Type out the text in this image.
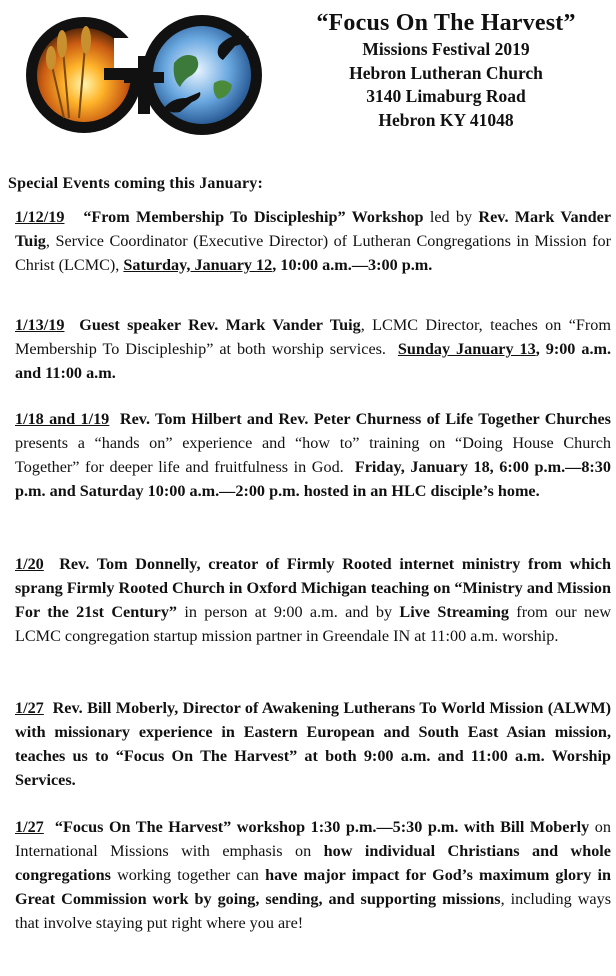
“Focus On The Harvest”
Missions Festival 2019
Hebron Lutheran Church
3140 Limaburg Road
Hebron KY 41048
Special Events coming this January:

1/12/19   “From Membership To Discipleship” Workshop led by Rev. Mark Vander Tuig, Service Coordinator (Executive Director) of Lutheran Congregations in Mission for Christ (LCMC), Saturday, January 12, 10:00 a.m.—3:00 p.m.

1/13/19  Guest speaker Rev. Mark Vander Tuig, LCMC Director, teaches on “From Membership To Discipleship” at both worship services.  Sunday January 13, 9:00 a.m. and 11:00 a.m.

1/18 and 1/19  Rev. Tom Hilbert and Rev. Peter Churness of Life Together Churches presents a “hands on” experience and “how to” training on “Doing House Church Together” for deeper life and fruitfulness in God.  Friday, January 18, 6:00 p.m.—8:30 p.m. and Saturday 10:00 a.m.—2:00 p.m. hosted in an HLC disciple’s home.

1/20  Rev. Tom Donnelly, creator of Firmly Rooted internet ministry from which sprang Firmly Rooted Church in Oxford Michigan teaching on “Ministry and Mission For the 21st Century” in person at 9:00 a.m. and by Live Streaming from our new LCMC congregation startup mission partner in Greendale IN at 11:00 a.m. worship.

1/27  Rev. Bill Moberly, Director of Awakening Lutherans To World Mission (ALWM) with missionary experience in Eastern European and South East Asian mission, teaches us to “Focus On The Harvest” at both 9:00 a.m. and 11:00 a.m. Worship Services.

1/27  “Focus On The Harvest” workshop 1:30 p.m.—5:30 p.m. with Bill Moberly on International Missions with emphasis on how individual Christians and whole congregations working together can have major impact for God’s maximum glory in Great Commission work by going, sending, and supporting missions, including ways that involve staying put right where you are!
